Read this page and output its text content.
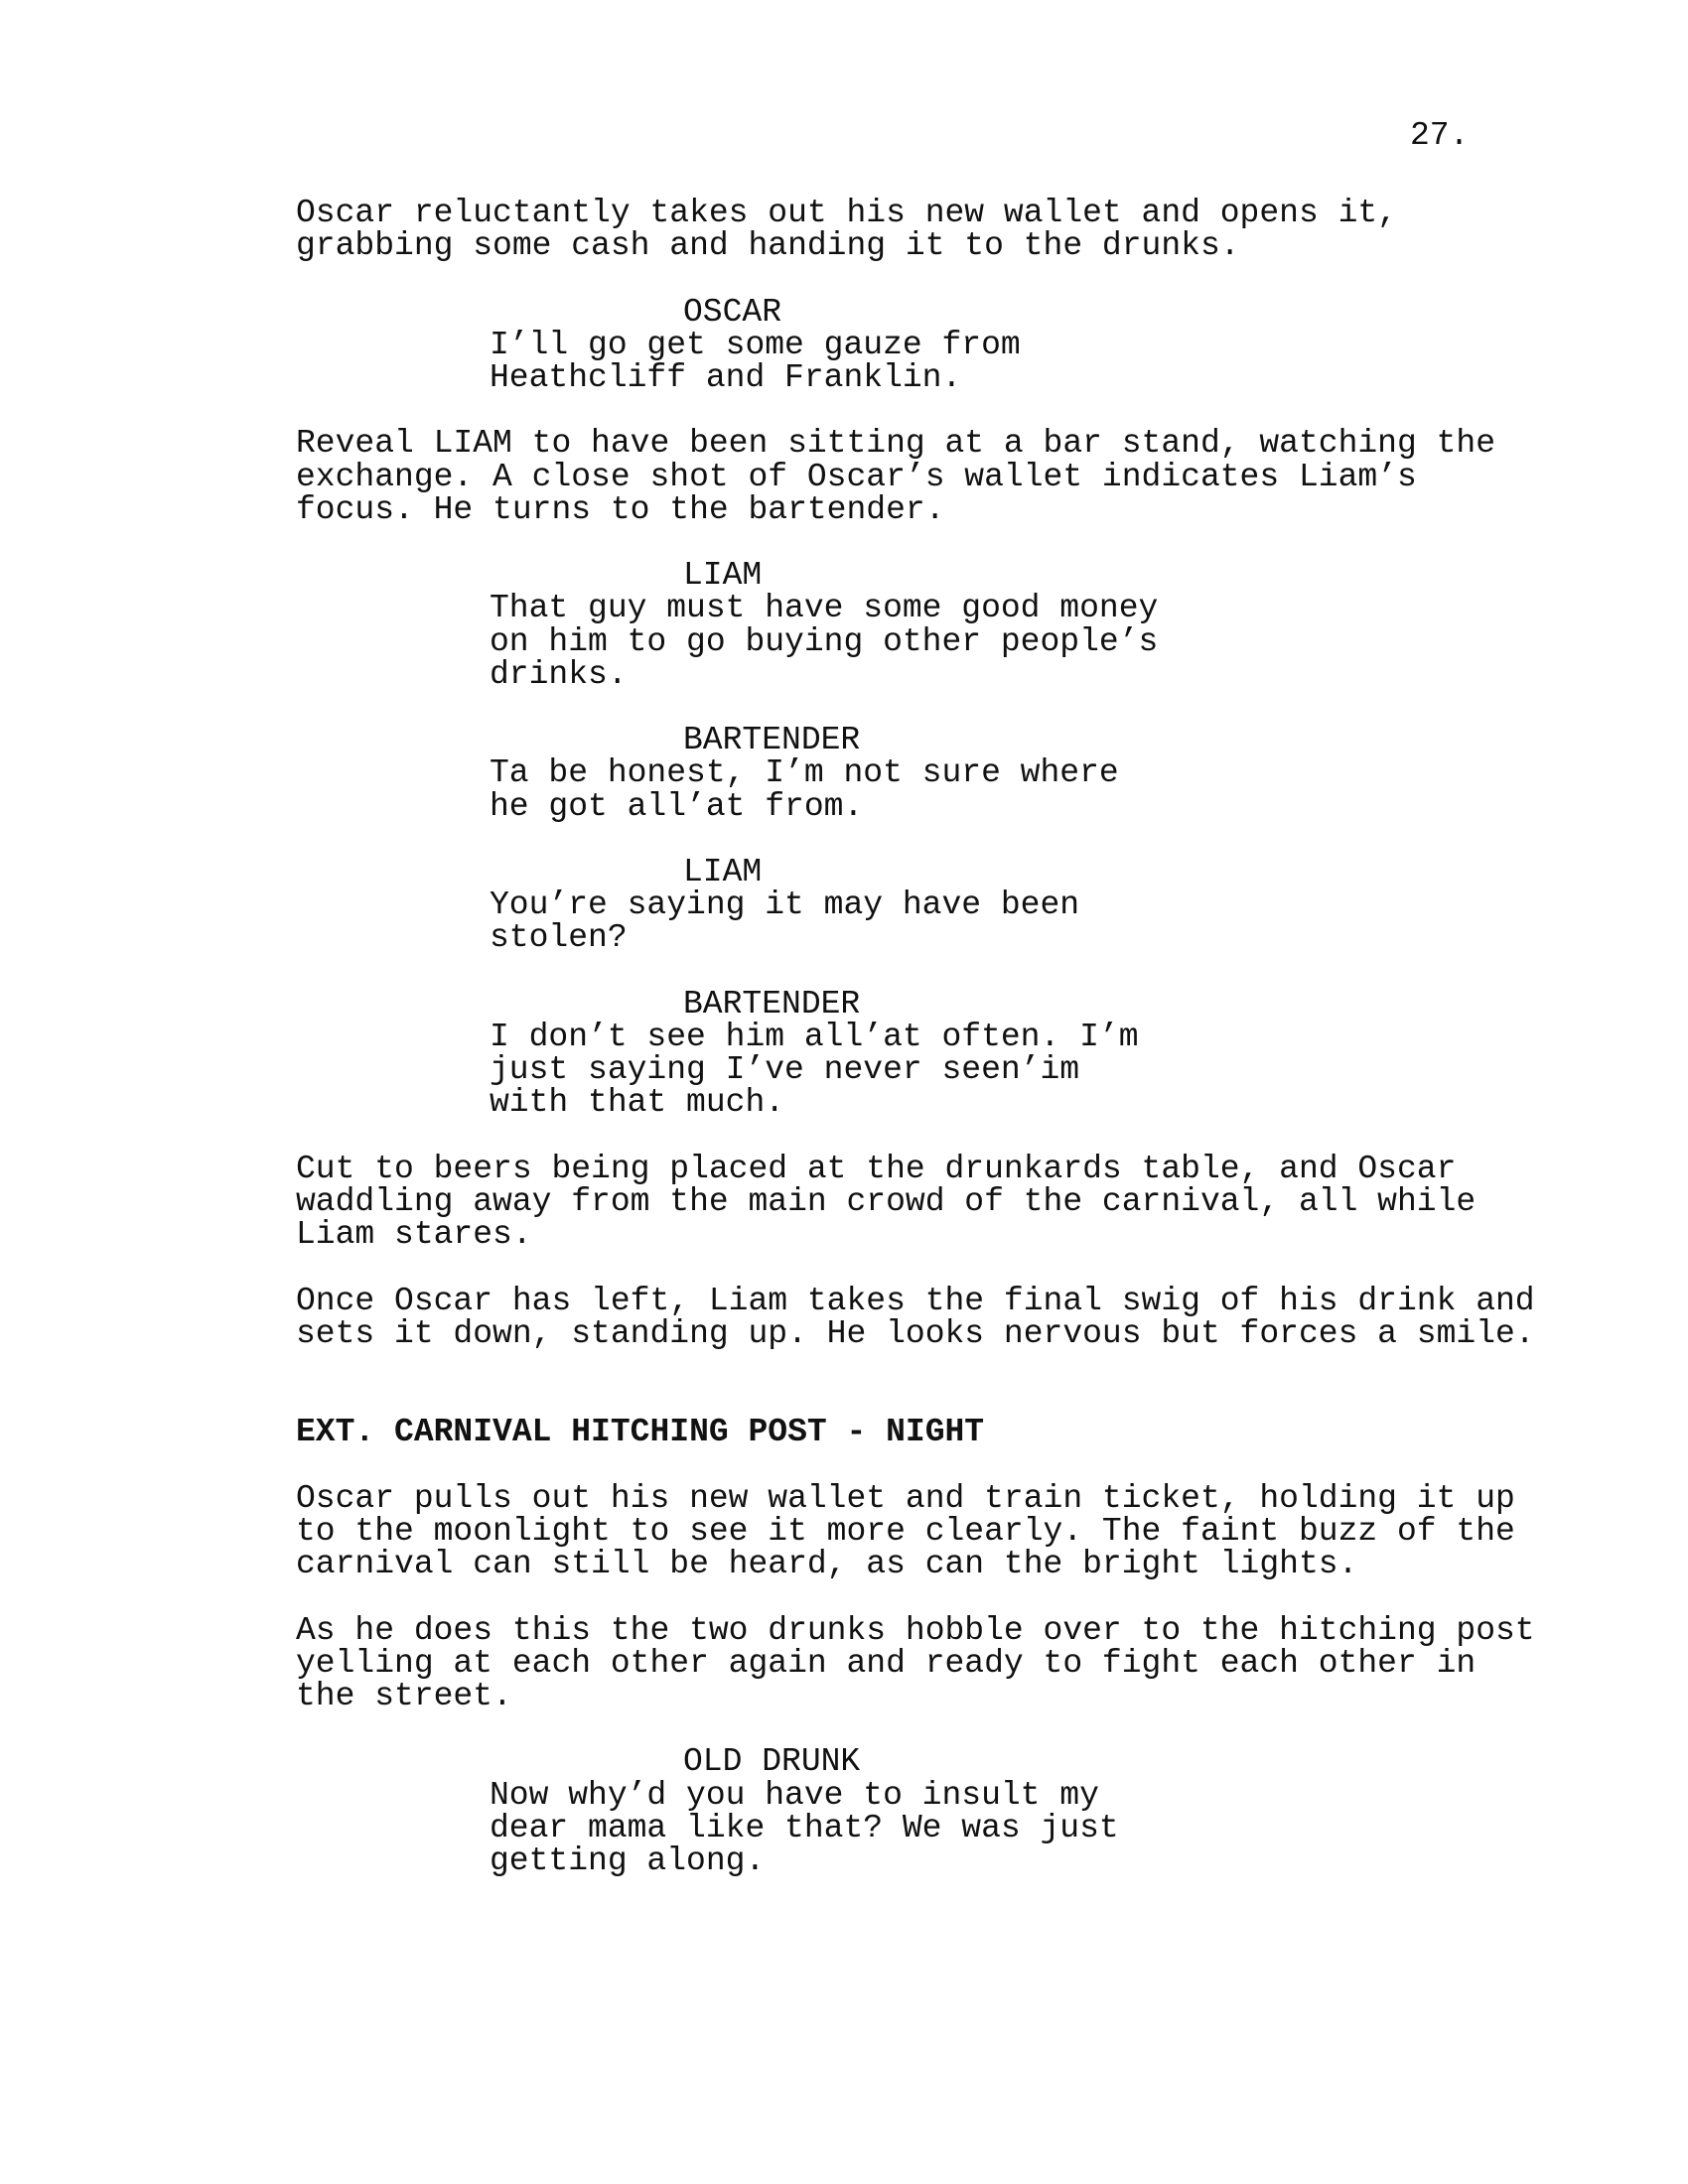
27.
Oscar reluctantly takes out his new wallet and opens it,
grabbing some cash and handing it to the drunks.
OSCAR
I’ll go get some gauze from
Heathcliff and Franklin.
Reveal LIAM to have been sitting at a bar stand, watching the
exchange. A close shot of Oscar’s wallet indicates Liam’s
focus. He turns to the bartender.
LIAM
That guy must have some good money
on him to go buying other people’s
drinks.
BARTENDER
Ta be honest, I’m not sure where
he got all’at from.
LIAM
You’re saying it may have been
stolen?
BARTENDER
I don’t see him all’at often. I’m
just saying I’ve never seen’im
with that much.
Cut to beers being placed at the drunkards table, and Oscar
waddling away from the main crowd of the carnival, all while
Liam stares.
Once Oscar has left, Liam takes the final swig of his drink and
sets it down, standing up. He looks nervous but forces a smile.
EXT. CARNIVAL HITCHING POST - NIGHT
Oscar pulls out his new wallet and train ticket, holding it up
to the moonlight to see it more clearly. The faint buzz of the
carnival can still be heard, as can the bright lights.
As he does this the two drunks hobble over to the hitching post
yelling at each other again and ready to fight each other in
the street.
OLD DRUNK
Now why’d you have to insult my
dear mama like that? We was just
getting along.
